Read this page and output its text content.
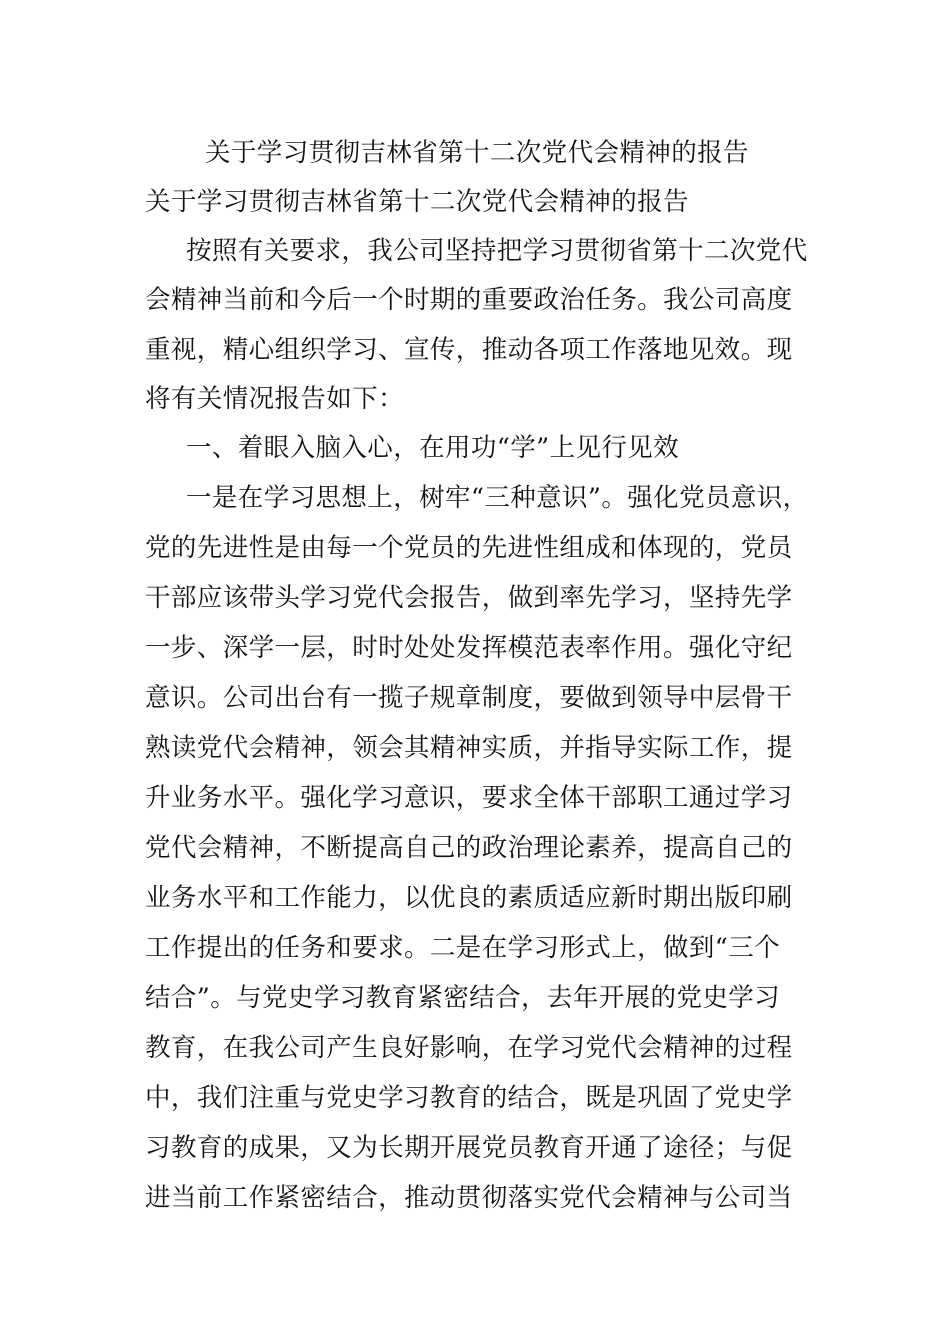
关于学习贯彻吉林省第十二次党代会精神的报告

关于学习贯彻吉林省第十二次党代会精神的报告

按照有关要求，我公司坚持把学习贯彻省第十二次党代

会精神当前和今后一个时期的重要政治任务。我公司高度

重视，精心组织学习、宣传，推动各项工作落地见效。现

将有关情况报告如下：

一、着眼入脑入心，在用功“学”上见行见效

一是在学习思想上，树牢“三种意识”。强化党员意识，

党的先进性是由每一个党员的先进性组成和体现的，党员

干部应该带头学习党代会报告，做到率先学习，坚持先学

一步、深学一层，时时处处发挥模范表率作用。强化守纪

意识。公司出台有一揽子规章制度，要做到领导中层骨干

熟读党代会精神，领会其精神实质，并指导实际工作，提

升业务水平。强化学习意识，要求全体干部职工通过学习

党代会精神，不断提高自己的政治理论素养，提高自己的

业务水平和工作能力，以优良的素质适应新时期出版印刷

工作提出的任务和要求。二是在学习形式上，做到“三个

结合”。与党史学习教育紧密结合，去年开展的党史学习

教育，在我公司产生良好影响，在学习党代会精神的过程

中，我们注重与党史学习教育的结合，既是巩固了党史学

习教育的成果，又为长期开展党员教育开通了途径；与促

进当前工作紧密结合，推动贯彻落实党代会精神与公司当
